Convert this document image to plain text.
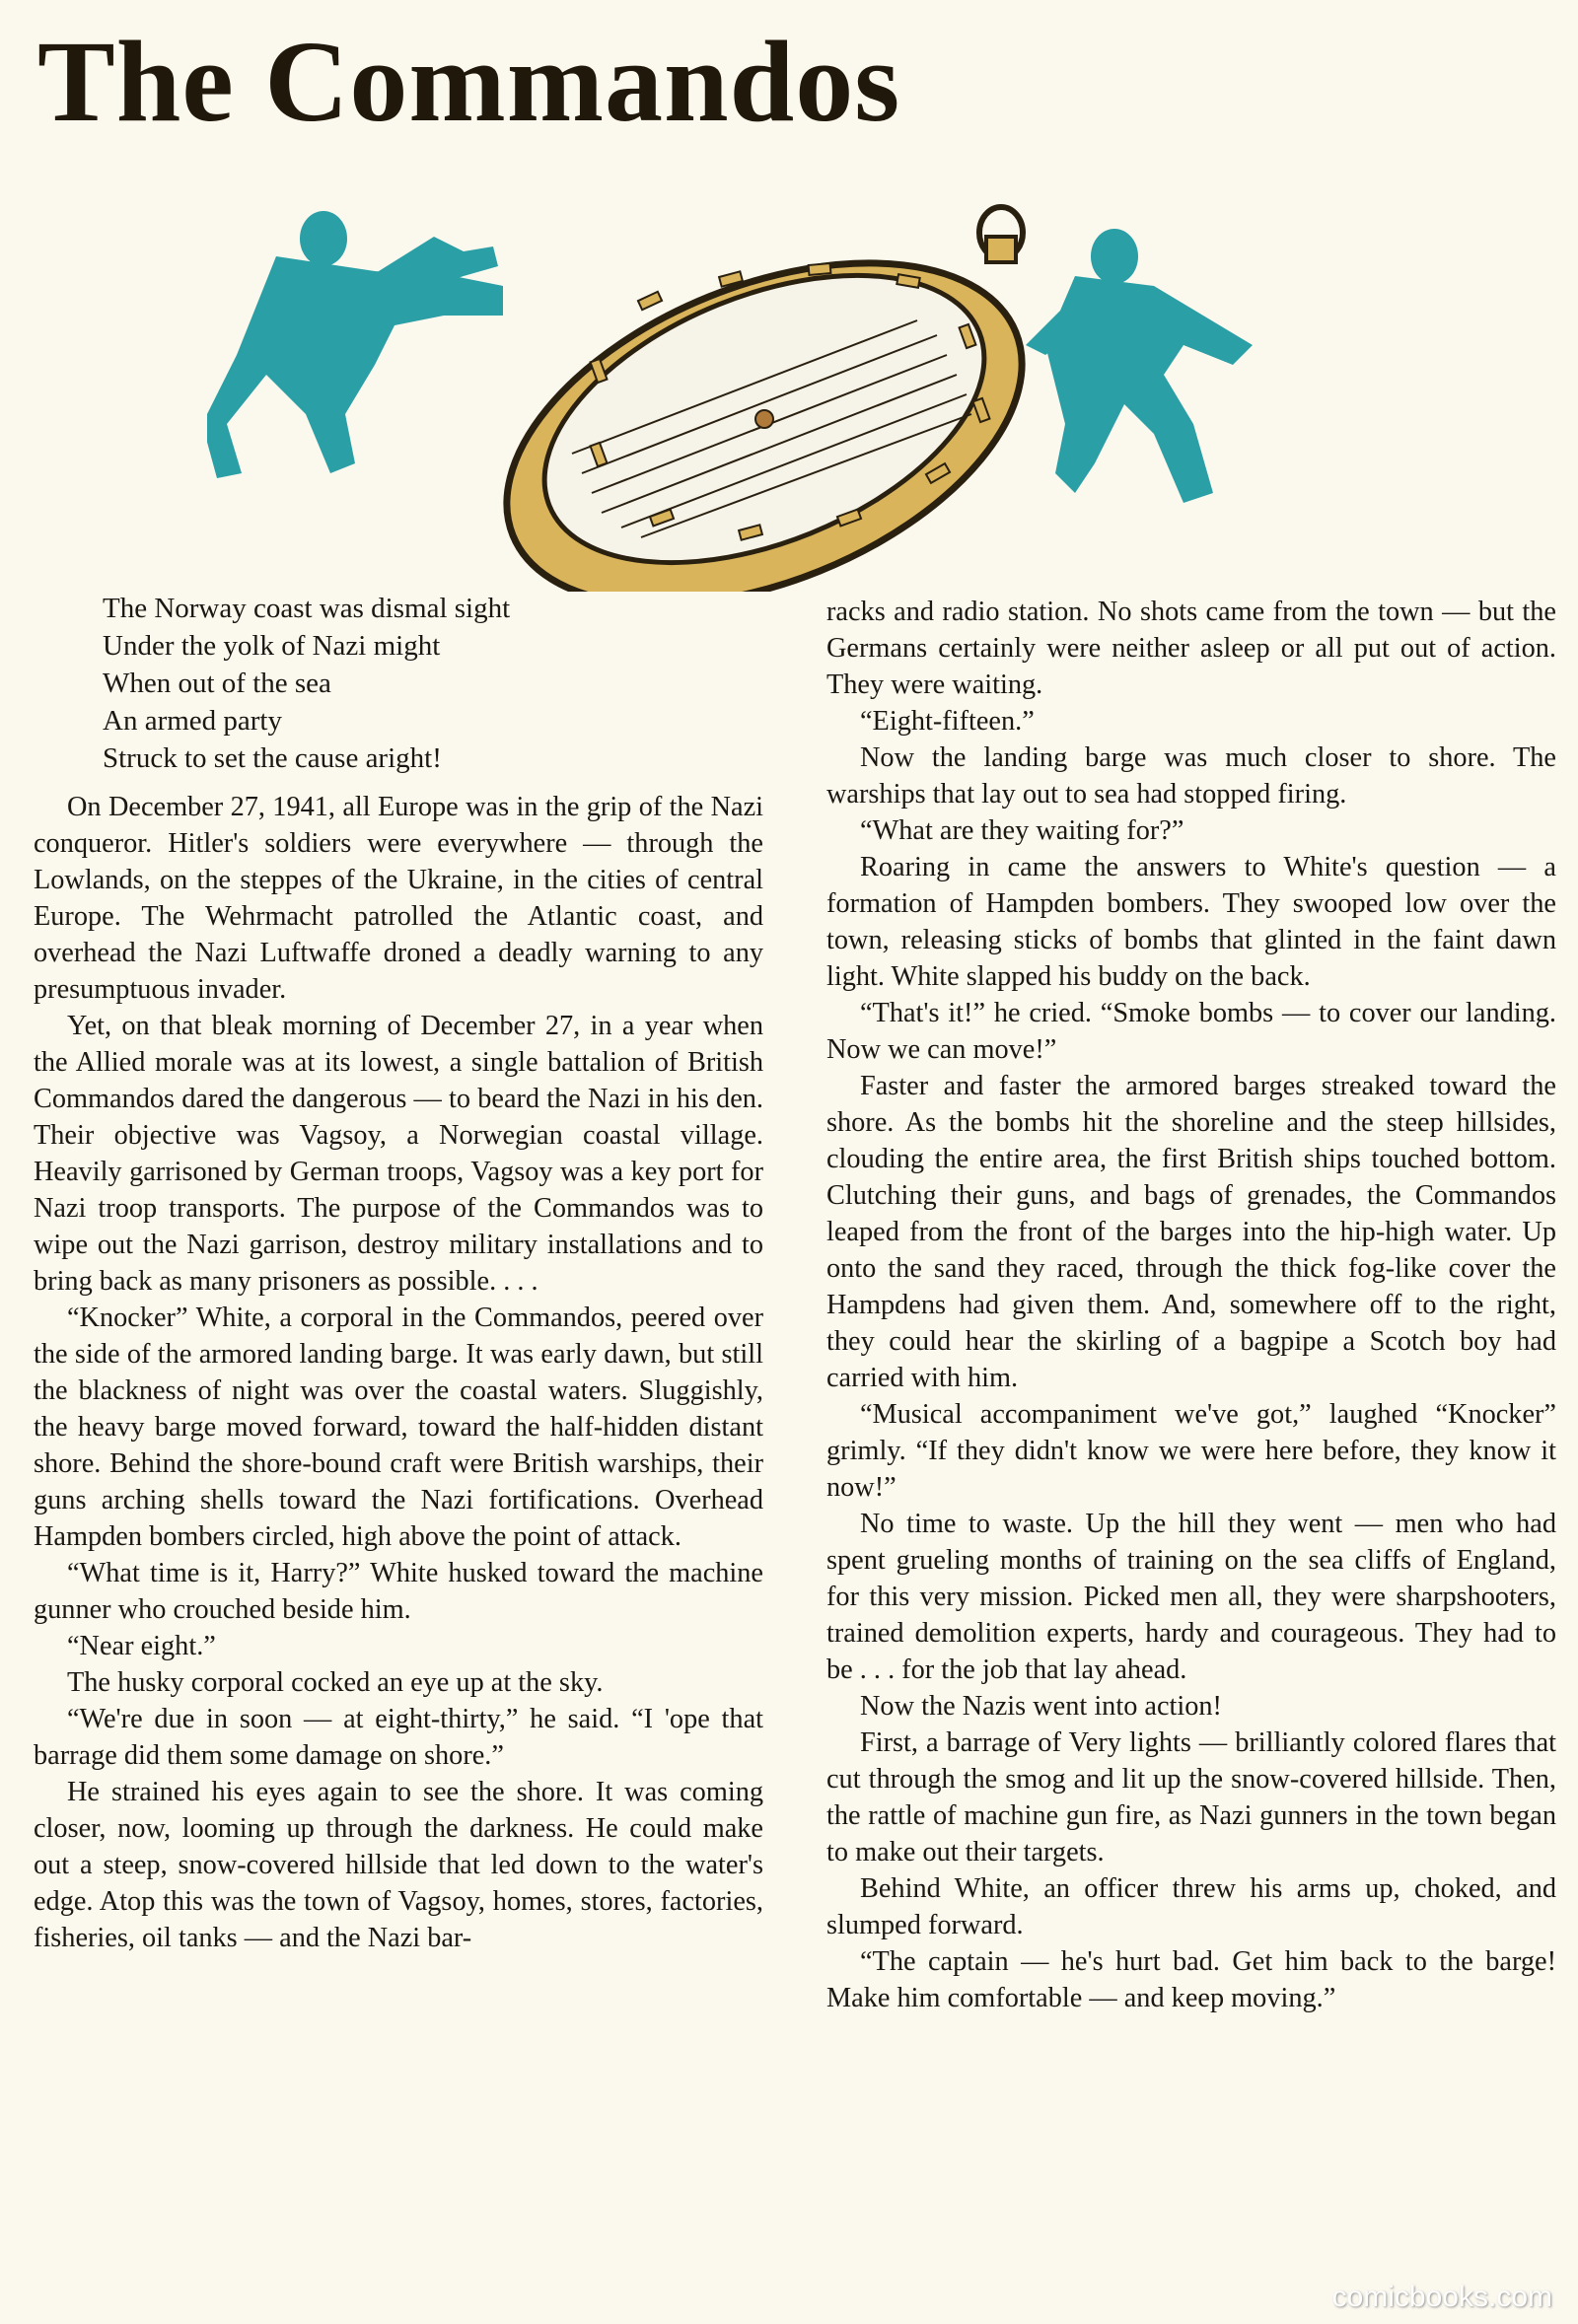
The Commandos
The Norway coast was dismal sight
Under the yolk of Nazi might
When out of the sea
An armed party
Struck to set the cause aright!

On December 27, 1941, all Europe was in the grip of the Nazi conqueror. Hitler's soldiers were everywhere — through the Lowlands, on the steppes of the Ukraine, in the cities of central Europe. The Wehrmacht patrolled the Atlantic coast, and overhead the Nazi Luftwaffe droned a deadly warning to any presumptuous invader.

Yet, on that bleak morning of December 27, in a year when the Allied morale was at its lowest, a single battalion of British Commandos dared the dangerous — to beard the Nazi in his den. Their objective was Vagsoy, a Norwegian coastal village. Heavily garrisoned by German troops, Vagsoy was a key port for Nazi troop transports. The purpose of the Commandos was to wipe out the Nazi garrison, destroy military installations and to bring back as many prisoners as possible. . . .

“Knocker” White, a corporal in the Commandos, peered over the side of the armored landing barge. It was early dawn, but still the blackness of night was over the coastal waters. Sluggishly, the heavy barge moved forward, toward the half-hidden distant shore. Behind the shore-bound craft were British warships, their guns arching shells toward the Nazi fortifications. Overhead Hampden bombers circled, high above the point of attack.

“What time is it, Harry?” White husked toward the machine gunner who crouched beside him.

“Near eight.”

The husky corporal cocked an eye up at the sky.

“We're due in soon — at eight-thirty,” he said. “I 'ope that barrage did them some damage on shore.”

He strained his eyes again to see the shore. It was coming closer, now, looming up through the darkness. He could make out a steep, snow-covered hillside that led down to the water's edge. Atop this was the town of Vagsoy, homes, stores, factories, fisheries, oil tanks — and the Nazi bar-

racks and radio station. No shots came from the town — but the Germans certainly were neither asleep or all put out of action. They were waiting.

“Eight-fifteen.”

Now the landing barge was much closer to shore. The warships that lay out to sea had stopped firing.

“What are they waiting for?”

Roaring in came the answers to White's question — a formation of Hampden bombers. They swooped low over the town, releasing sticks of bombs that glinted in the faint dawn light. White slapped his buddy on the back.

“That's it!” he cried. “Smoke bombs — to cover our landing. Now we can move!”

Faster and faster the armored barges streaked toward the shore. As the bombs hit the shoreline and the steep hillsides, clouding the entire area, the first British ships touched bottom. Clutching their guns, and bags of grenades, the Commandos leaped from the front of the barges into the hip-high water. Up onto the sand they raced, through the thick fog-like cover the Hampdens had given them. And, somewhere off to the right, they could hear the skirling of a bagpipe a Scotch boy had carried with him.

“Musical accompaniment we've got,” laughed “Knocker” grimly. “If they didn't know we were here before, they know it now!”

No time to waste. Up the hill they went — men who had spent grueling months of training on the sea cliffs of England, for this very mission. Picked men all, they were sharpshooters, trained demolition experts, hardy and courageous. They had to be . . . for the job that lay ahead.

Now the Nazis went into action!

First, a barrage of Very lights — brilliantly colored flares that cut through the smog and lit up the snow-covered hillside. Then, the rattle of machine gun fire, as Nazi gunners in the town began to make out their targets.

Behind White, an officer threw his arms up, choked, and slumped forward.

“The captain — he's hurt bad. Get him back to the barge! Make him comfortable — and keep moving.”

comicbooks.com
